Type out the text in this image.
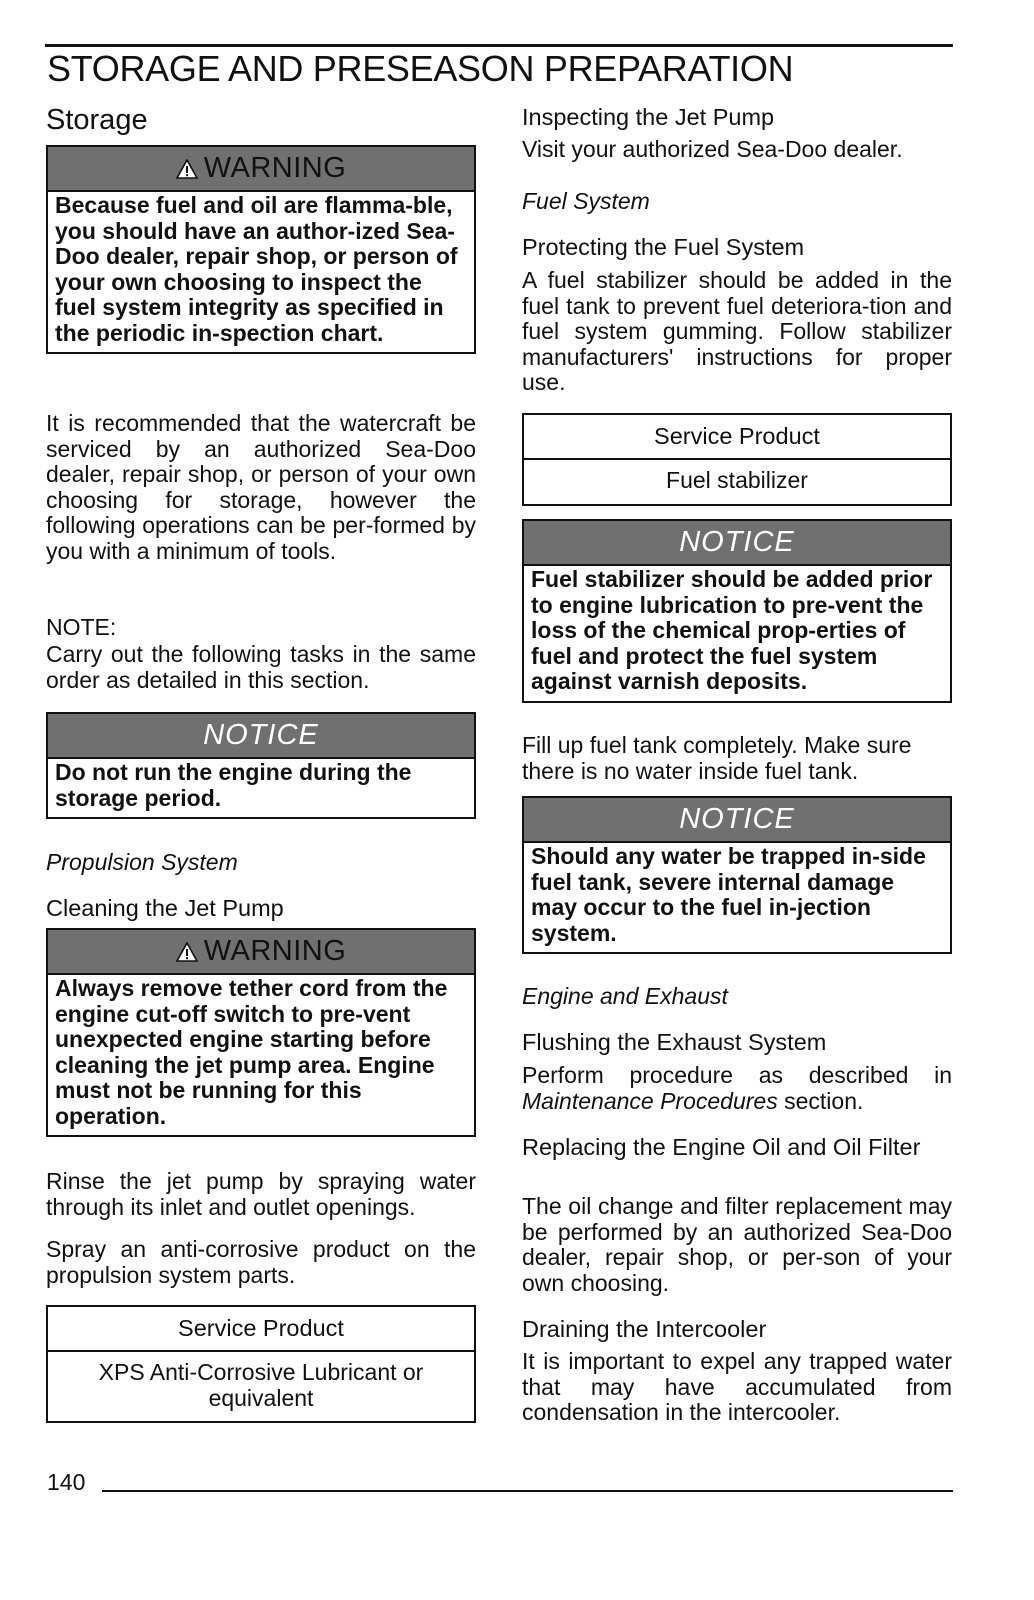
STORAGE AND PRESEASON PREPARATION
Storage
WARNING
Because fuel and oil are flamma-ble, you should have an author-ized Sea-Doo dealer, repair shop, or person of your own choosing to inspect the fuel system integrity as specified in the periodic in-spection chart.

It is recommended that the watercraft be serviced by an authorized Sea-Doo dealer, repair shop, or person of your own choosing for storage, however the following operations can be per-formed by you with a minimum of tools.

NOTE:

Carry out the following tasks in the same order as detailed in this section.

NOTICE
Do not run the engine during the storage period.
Propulsion System
Cleaning the Jet Pump
WARNING
Always remove tether cord from the engine cut-off switch to pre-vent unexpected engine starting before cleaning the jet pump area. Engine must not be running for this operation.

Rinse the jet pump by spraying water through its inlet and outlet openings.

Spray an anti-corrosive product on the propulsion system parts.

Service Product
XPS Anti-Corrosive Lubricant or equivalent
Inspecting the Jet Pump

Visit your authorized Sea-Doo dealer.

Fuel System
Protecting the Fuel System

A fuel stabilizer should be added in the fuel tank to prevent fuel deteriora-tion and fuel system gumming. Follow stabilizer manufacturers' instructions for proper use.

Service Product
Fuel stabilizer
NOTICE
Fuel stabilizer should be added prior to engine lubrication to pre-vent the loss of the chemical prop-erties of fuel and protect the fuel system against varnish deposits.

Fill up fuel tank completely. Make sure there is no water inside fuel tank.

NOTICE
Should any water be trapped in-side fuel tank, severe internal damage may occur to the fuel in-jection system.
Engine and Exhaust
Flushing the Exhaust System

Perform procedure as described in Maintenance Procedures section.

Replacing the Engine Oil and Oil Filter

The oil change and filter replacement may be performed by an authorized Sea-Doo dealer, repair shop, or per-son of your own choosing.

Draining the Intercooler

It is important to expel any trapped water that may have accumulated from condensation in the intercooler.

140
